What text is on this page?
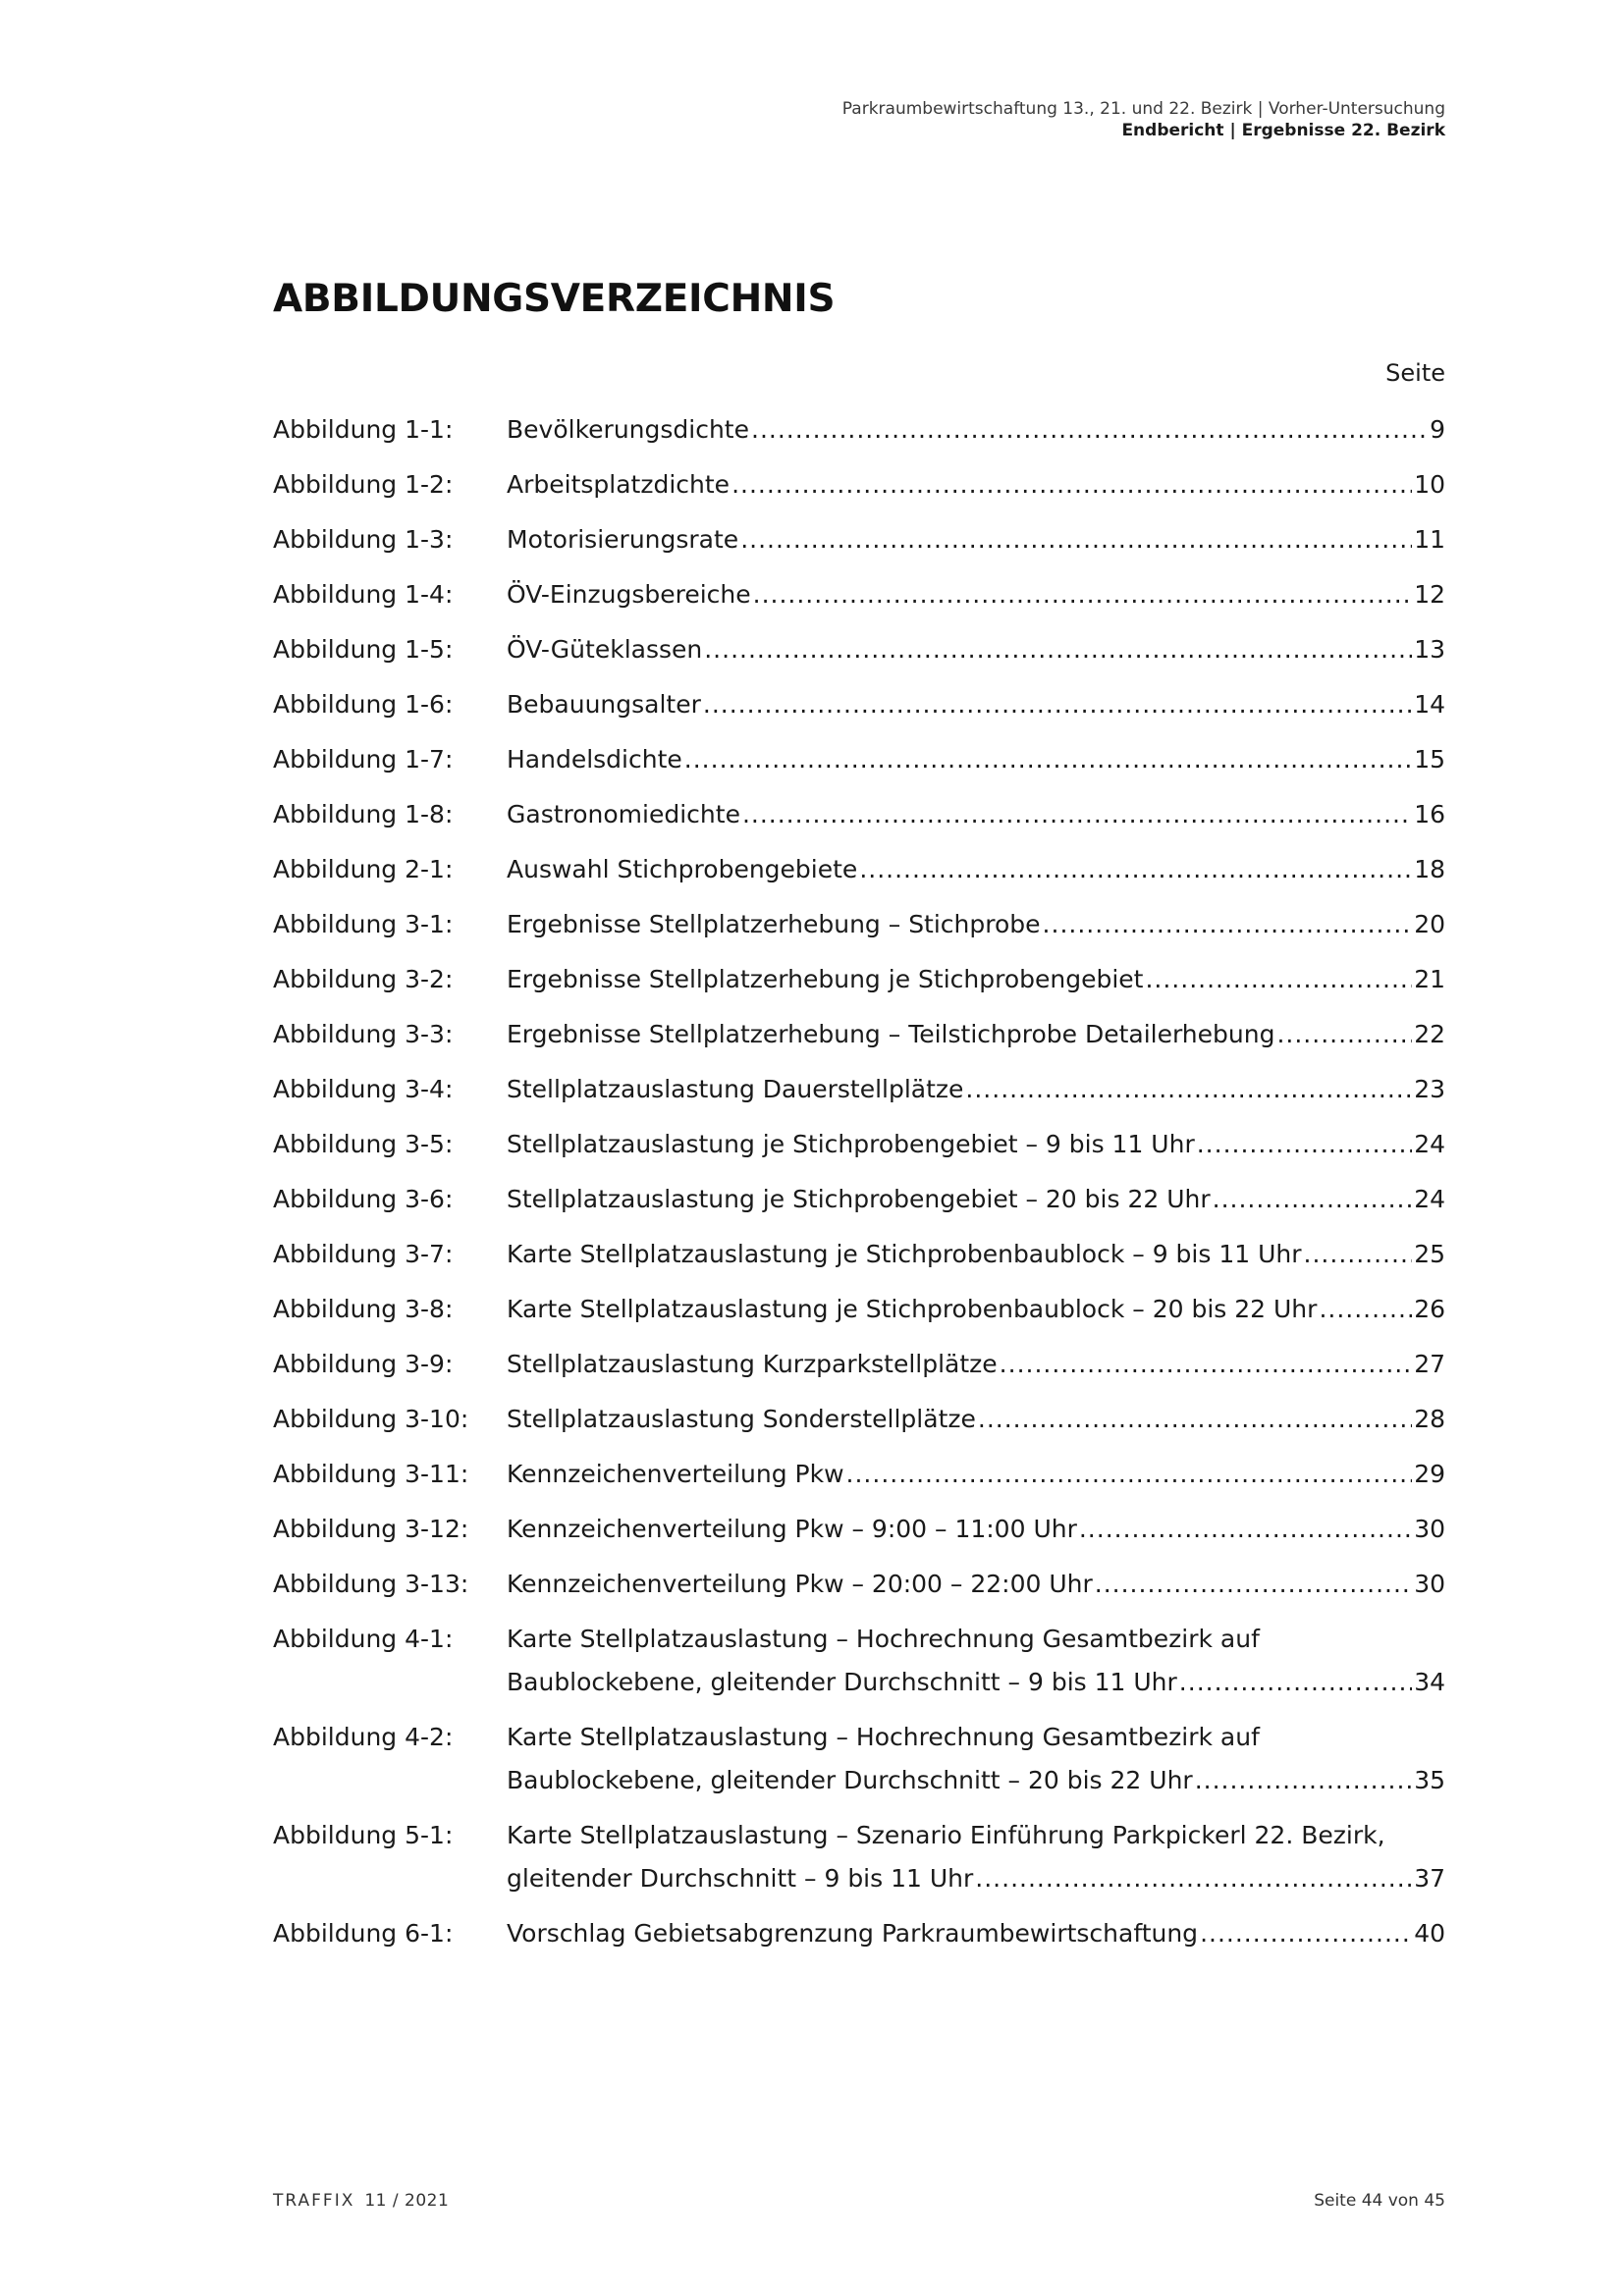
Parkraumbewirtschaftung 13., 21. und 22. Bezirk | Vorher-Untersuchung
Endbericht | Ergebnisse 22. Bezirk
ABBILDUNGSVERZEICHNIS
Seite
Abbildung 1-1:	Bevölkerungsdichte .....	9
Abbildung 1-2:	Arbeitsplatzdichte .....	10
Abbildung 1-3:	Motorisierungsrate .....	11
Abbildung 1-4:	ÖV-Einzugsbereiche .....	12
Abbildung 1-5:	ÖV-Güteklassen .....	13
Abbildung 1-6:	Bebauungsalter .....	14
Abbildung 1-7:	Handelsdichte .....	15
Abbildung 1-8:	Gastronomiedichte .....	16
Abbildung 2-1:	Auswahl Stichprobengebiete .....	18
Abbildung 3-1:	Ergebnisse Stellplatzerhebung – Stichprobe .....	20
Abbildung 3-2:	Ergebnisse Stellplatzerhebung je Stichprobengebiet .....	21
Abbildung 3-3:	Ergebnisse Stellplatzerhebung – Teilstichprobe Detailerhebung .....	22
Abbildung 3-4:	Stellplatzauslastung Dauerstellplätze .....	23
Abbildung 3-5:	Stellplatzauslastung je Stichprobengebiet – 9 bis 11 Uhr .....	24
Abbildung 3-6:	Stellplatzauslastung je Stichprobengebiet – 20 bis 22 Uhr .....	24
Abbildung 3-7:	Karte Stellplatzauslastung je Stichprobenbaublock – 9 bis 11 Uhr .....	25
Abbildung 3-8:	Karte Stellplatzauslastung je Stichprobenbaublock – 20 bis 22 Uhr .....	26
Abbildung 3-9:	Stellplatzauslastung Kurzparkstellplätze .....	27
Abbildung 3-10:	Stellplatzauslastung Sonderstellplätze .....	28
Abbildung 3-11:	Kennzeichenverteilung Pkw .....	29
Abbildung 3-12:	Kennzeichenverteilung Pkw – 9:00 – 11:00 Uhr .....	30
Abbildung 3-13:	Kennzeichenverteilung Pkw – 20:00 – 22:00 Uhr .....	30
Abbildung 4-1:	Karte Stellplatzauslastung – Hochrechnung Gesamtbezirk auf
Baublockebene, gleitender Durchschnitt – 9 bis 11 Uhr .....	34
Abbildung 4-2:	Karte Stellplatzauslastung – Hochrechnung Gesamtbezirk auf
Baublockebene, gleitender Durchschnitt – 20 bis 22 Uhr .....	35
Abbildung 5-1:	Karte Stellplatzauslastung – Szenario Einführung Parkpickerl 22. Bezirk,
gleitender Durchschnitt – 9 bis 11 Uhr .....	37
Abbildung 6-1:	Vorschlag Gebietsabgrenzung Parkraumbewirtschaftung .....	40
TRAFFIX 11 / 2021	Seite 44 von 45
